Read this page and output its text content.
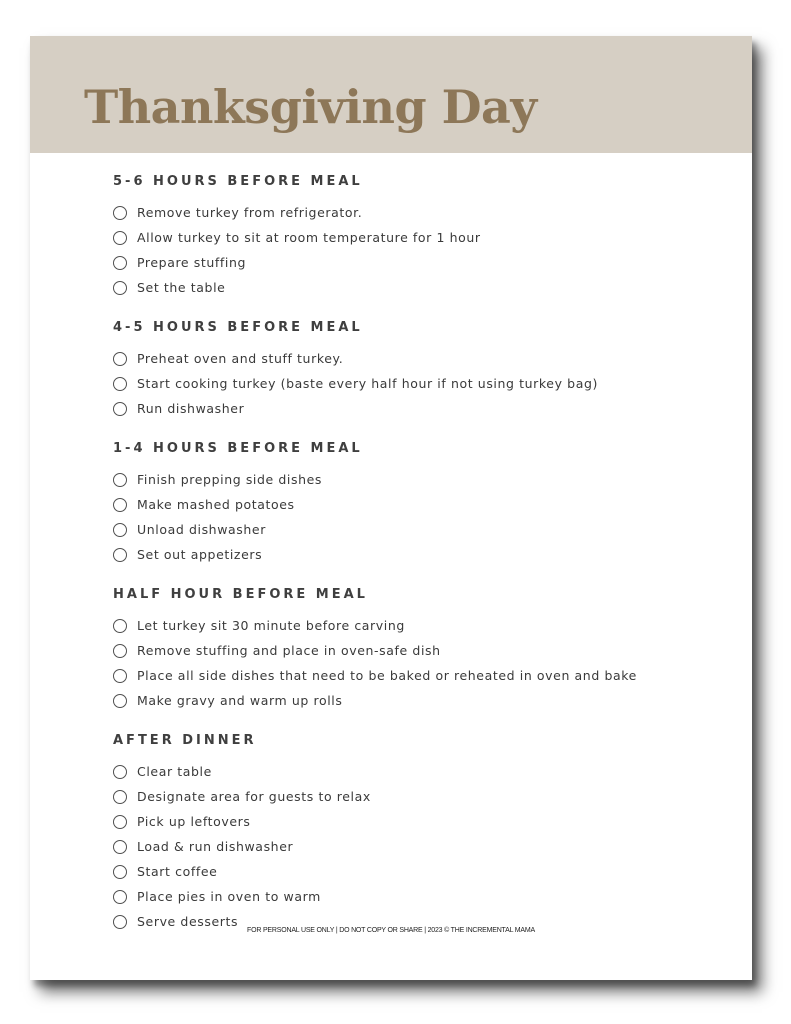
Thanksgiving Day
5-6 HOURS BEFORE MEAL
Remove turkey from refrigerator.
Allow turkey to sit at room temperature for 1 hour
Prepare stuffing
Set the table
4-5 HOURS BEFORE MEAL
Preheat oven and stuff turkey.
Start cooking turkey (baste every half hour if not using turkey bag)
Run dishwasher
1-4 HOURS BEFORE MEAL
Finish prepping side dishes
Make mashed potatoes
Unload dishwasher
Set out appetizers
HALF HOUR BEFORE MEAL
Let turkey sit 30 minute before carving
Remove stuffing and place in oven-safe dish
Place all side dishes that need to be baked or reheated in oven and bake
Make gravy and warm up rolls
AFTER DINNER
Clear table
Designate area for guests to relax
Pick up leftovers
Load & run dishwasher
Start coffee
Place pies in oven to warm
Serve desserts
FOR PERSONAL USE ONLY | DO NOT COPY OR SHARE | 2023 © THE INCREMENTAL MAMA
